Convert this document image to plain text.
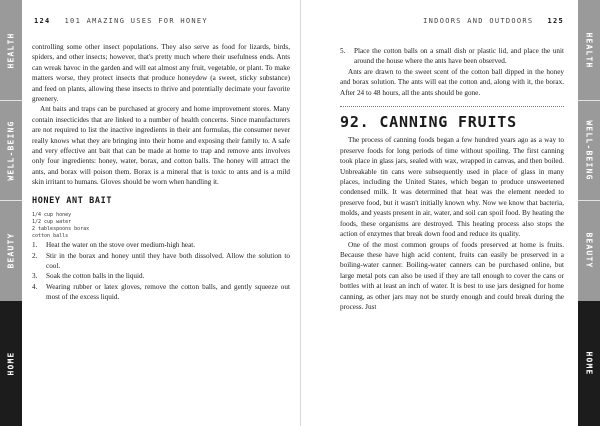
HEALTH
WELL-BEING
BEAUTY
HOME
124 101 AMAZING USES FOR HONEY

controlling some other insect populations. They also serve as food for lizards, birds, spiders, and other insects; however, that's pretty much where their usefulness ends. Ants can wreak havoc in the garden and will eat almost any fruit, vegetable, or plant. To make matters worse, they protect insects that produce honeydew (a sweet, sticky substance) and feed on plants, allowing these insects to thrive and potentially decimate your favorite greenery.

Ant baits and traps can be purchased at grocery and home improvement stores. Many contain insecticides that are linked to a number of health concerns. Since manufacturers are not required to list the inactive ingredients in their ant formulas, the consumer never really knows what they are bringing into their home and exposing their family to. A safe and very effective ant bait that can be made at home to trap and remove ants involves only four ingredients: honey, water, borax, and cotton balls. The honey will attract the ants, and borax will poison them. Borax is a mineral that is toxic to ants and is a mild skin irritant to humans. Gloves should be worn when handling it.

HONEY ANT BAIT
1/4 cup honey
1/2 cup water
2 tablespoons borax
cotton balls
1. Heat the water on the stove over medium-high heat.
2. Stir in the borax and honey until they have both dissolved. Allow the solution to cool.
3. Soak the cotton balls in the liquid.
4. Wearing rubber or latex gloves, remove the cotton balls, and gently squeeze out most of the excess liquid.
HEALTH
WELL-BEING
BEAUTY
HOME
INDOORS AND OUTDOORS 125
5. Place the cotton balls on a small dish or plastic lid, and place the unit around the house where the ants have been observed.

Ants are drawn to the sweet scent of the cotton ball dipped in the honey and borax solution. The ants will eat the cotton and, along with it, the borax. After 24 to 48 hours, all the ants should be gone.

92. CANNING FRUITS

The process of canning foods began a few hundred years ago as a way to preserve foods for long periods of time without spoiling. The first canning took place in glass jars, sealed with wax, wrapped in canvas, and then boiled. Unbreakable tin cans were subsequently used in place of glass in many places, including the United States, which began to produce unsweetened condensed milk. It was determined that heat was the element needed to preserve food, but it wasn't initially known why. Now we know that bacteria, molds, and yeasts present in air, water, and soil can spoil food. By heating the foods, these organisms are destroyed. This heating process also stops the action of enzymes that break down food and reduce its quality.

One of the most common groups of foods preserved at home is fruits. Because these have high acid content, fruits can easily be preserved in a boiling-water canner. Boiling-water canners can be purchased online, but large metal pots can also be used if they are tall enough to cover the cans or bottles with at least an inch of water. It is best to use jars designed for home canning, as other jars may not be sturdy enough and could break during the process. Just
